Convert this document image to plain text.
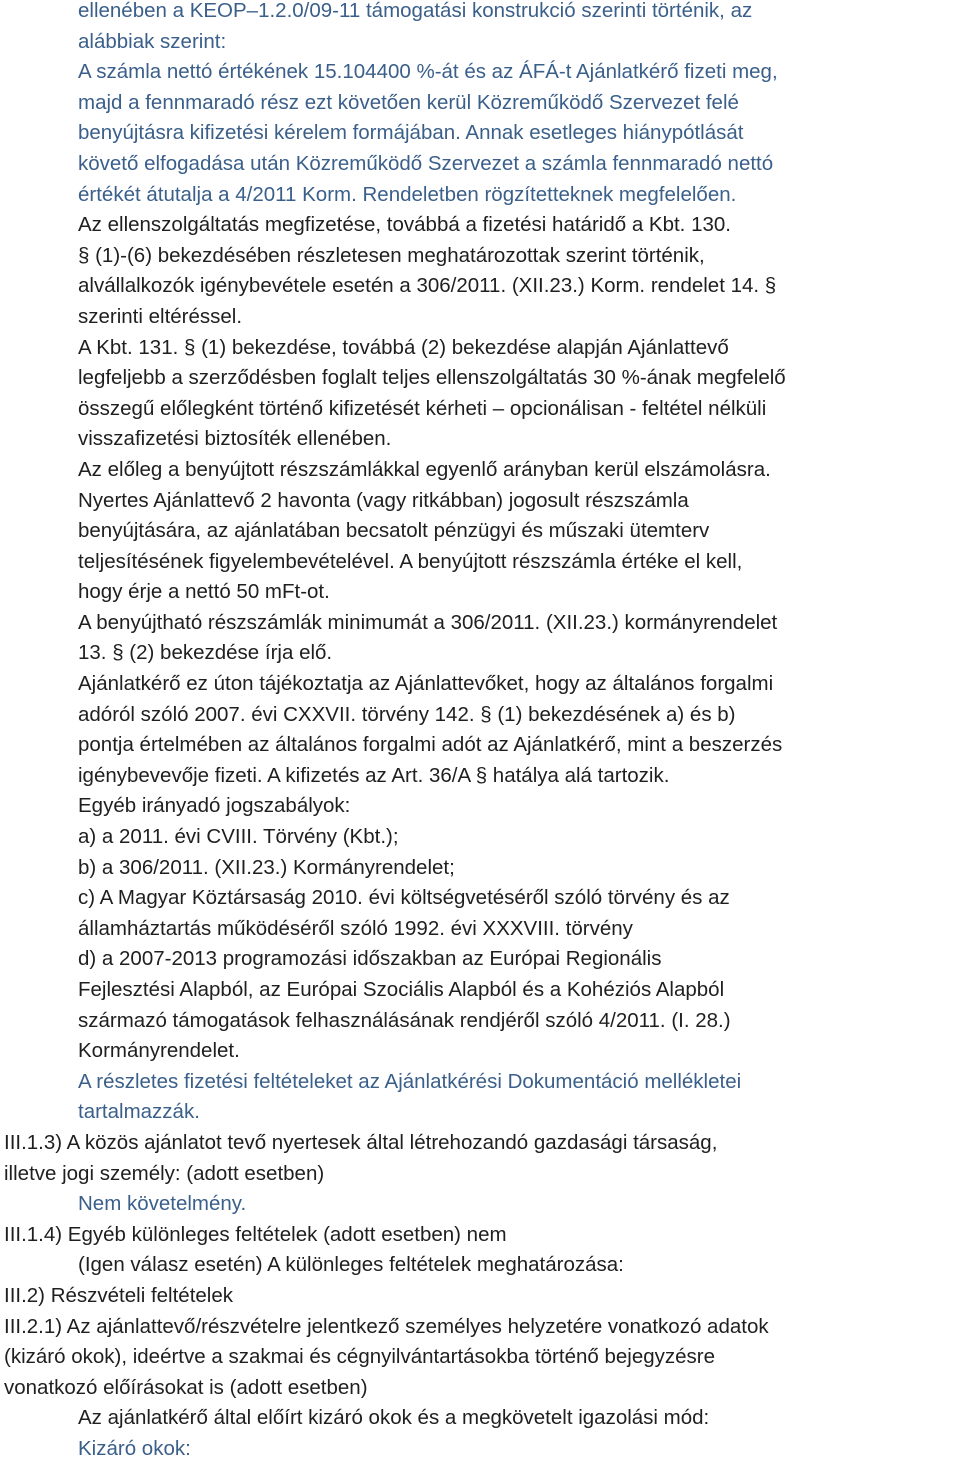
ellenében a KEOP–1.2.0/09-11 támogatási konstrukció szerinti történik, az
alábbiak szerint:
A számla nettó értékének 15.104400 %-át és az ÁFÁ-t Ajánlatkérő fizeti meg,
majd a fennmaradó rész ezt követően kerül Közreműködő Szervezet felé
benyújtásra kifizetési kérelem formájában. Annak esetleges hiánypótlását
követő elfogadása után Közreműködő Szervezet a számla fennmaradó nettó
értékét átutalja a 4/2011 Korm. Rendeletben rögzítetteknek megfelelően.
Az ellenszolgáltatás megfizetése, továbbá a fizetési határidő a Kbt. 130.
§ (1)-(6) bekezdésében részletesen meghatározottak szerint történik,
alvállalkozók igénybevétele esetén a 306/2011. (XII.23.) Korm. rendelet 14. §
szerinti eltéréssel.
A Kbt. 131. § (1) bekezdése, továbbá (2) bekezdése alapján Ajánlattevő
legfeljebb a szerződésben foglalt teljes ellenszolgáltatás 30 %-ának megfelelő
összegű előlegként történő kifizetését kérheti – opcionálisan - feltétel nélküli
visszafizetési biztosíték ellenében.
Az előleg a benyújtott részszámlákkal egyenlő arányban kerül elszámolásra.
Nyertes Ajánlattevő 2 havonta (vagy ritkábban) jogosult részszámla
benyújtására, az ajánlatában becsatolt pénzügyi és műszaki ütemterv
teljesítésének figyelembevételével. A benyújtott részszámla értéke el kell,
hogy érje a nettó 50 mFt-ot.
A benyújtható részszámlák minimumát a 306/2011. (XII.23.) kormányrendelet
13. § (2) bekezdése írja elő.
Ajánlatkérő ez úton tájékoztatja az Ajánlattevőket, hogy az általános forgalmi
adóról szóló 2007. évi CXXVII. törvény 142. § (1) bekezdésének a) és b)
pontja értelmében az általános forgalmi adót az Ajánlatkérő, mint a beszerzés
igénybevevője fizeti. A kifizetés az Art. 36/A § hatálya alá tartozik.
Egyéb irányadó jogszabályok:
a) a 2011. évi CVIII. Törvény (Kbt.);
b) a 306/2011. (XII.23.) Kormányrendelet;
c) A Magyar Köztársaság 2010. évi költségvetéséről szóló törvény és az
államháztartás működéséről szóló 1992. évi XXXVIII. törvény
d) a 2007-2013 programozási időszakban az Európai Regionális
Fejlesztési Alapból, az Európai Szociális Alapból és a Kohéziós Alapból
származó támogatások felhasználásának rendjéről szóló 4/2011. (I. 28.)
Kormányrendelet.
A részletes fizetési feltételeket az Ajánlatkérési Dokumentáció mellékletei
tartalmazzák.
III.1.3) A közös ajánlatot tevő nyertesek által létrehozandó gazdasági társaság,
illetve jogi személy: (adott esetben)
Nem követelmény.
III.1.4) Egyéb különleges feltételek (adott esetben) nem
(Igen válasz esetén) A különleges feltételek meghatározása:
III.2) Részvételi feltételek
III.2.1) Az ajánlattevő/részvételre jelentkező személyes helyzetére vonatkozó adatok
(kizáró okok), ideértve a szakmai és cégnyilvántartásokba történő bejegyzésre
vonatkozó előírásokat is (adott esetben)
Az ajánlatkérő által előírt kizáró okok és a megkövetelt igazolási mód:
Kizáró okok:
